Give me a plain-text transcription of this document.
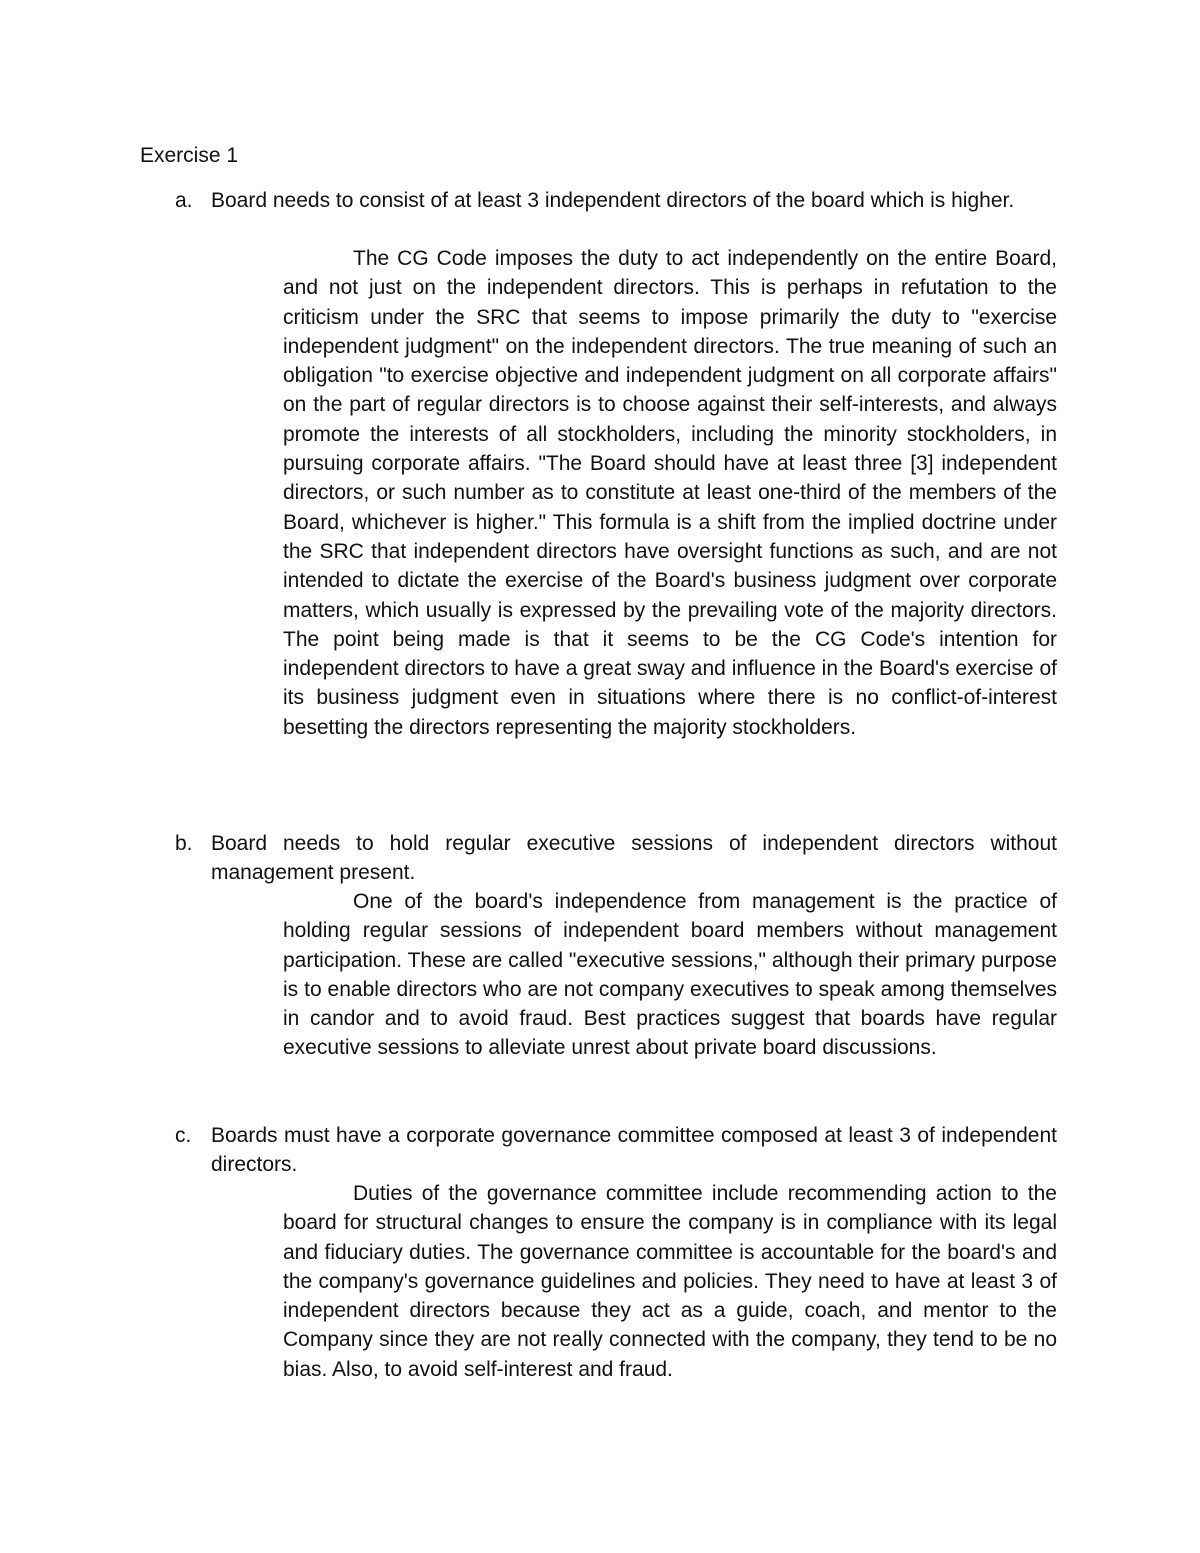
Exercise 1
a. Board needs to consist of at least 3 independent directors of the board which is higher.
The CG Code imposes the duty to act independently on the entire Board, and not just on the independent directors. This is perhaps in refutation to the criticism under the SRC that seems to impose primarily the duty to "exercise independent judgment" on the independent directors. The true meaning of such an obligation "to exercise objective and independent judgment on all corporate affairs" on the part of regular directors is to choose against their self-interests, and always promote the interests of all stockholders, including the minority stockholders, in pursuing corporate affairs. "The Board should have at least three [3] independent directors, or such number as to constitute at least one-third of the members of the Board, whichever is higher." This formula is a shift from the implied doctrine under the SRC that independent directors have oversight functions as such, and are not intended to dictate the exercise of the Board's business judgment over corporate matters, which usually is expressed by the prevailing vote of the majority directors. The point being made is that it seems to be the CG Code's intention for independent directors to have a great sway and influence in the Board's exercise of its business judgment even in situations where there is no conflict-of-interest besetting the directors representing the majority stockholders.
b. Board needs to hold regular executive sessions of independent directors without management present.
One of the board's independence from management is the practice of holding regular sessions of independent board members without management participation. These are called "executive sessions," although their primary purpose is to enable directors who are not company executives to speak among themselves in candor and to avoid fraud. Best practices suggest that boards have regular executive sessions to alleviate unrest about private board discussions.
c. Boards must have a corporate governance committee composed at least 3 of independent directors.
Duties of the governance committee include recommending action to the board for structural changes to ensure the company is in compliance with its legal and fiduciary duties. The governance committee is accountable for the board's and the company's governance guidelines and policies. They need to have at least 3 of independent directors because they act as a guide, coach, and mentor to the Company since they are not really connected with the company, they tend to be no bias. Also, to avoid self-interest and fraud.
